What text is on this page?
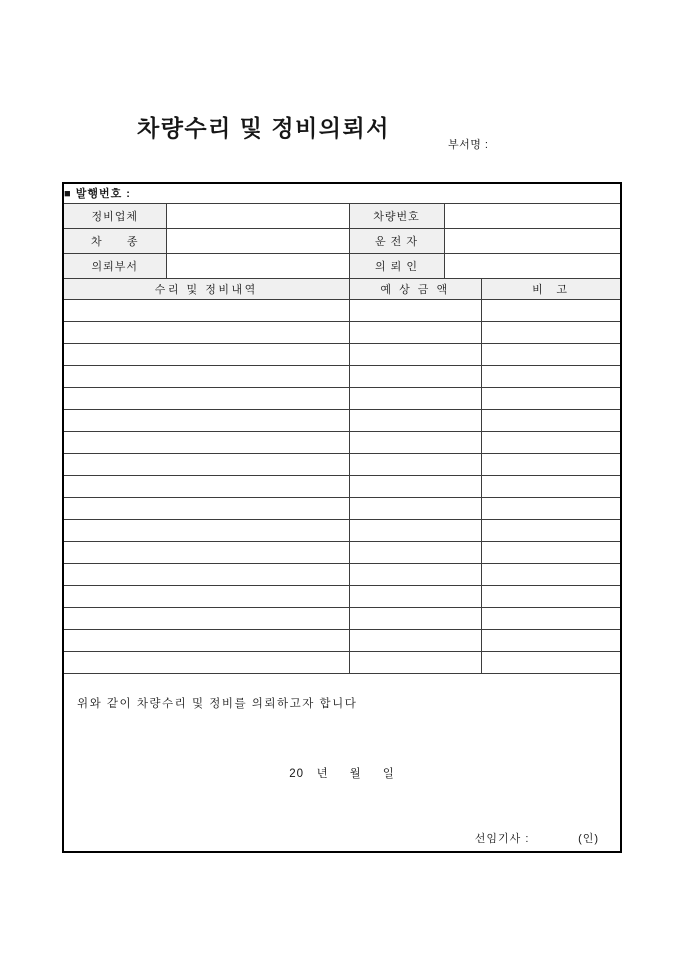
차량수리 및 정비의뢰서

부서명 :

■ 발행번호 :				
정비업체		차량번호		
차      종		운 전 자		
의뢰부서		의 뢰 인		
수리 및 정비내역		예 상 금 액		비  고

위와 같이 차량수리 및 정비를 의뢰하고자 합니다
20   년     월     일
선임기사 :            (인)				
